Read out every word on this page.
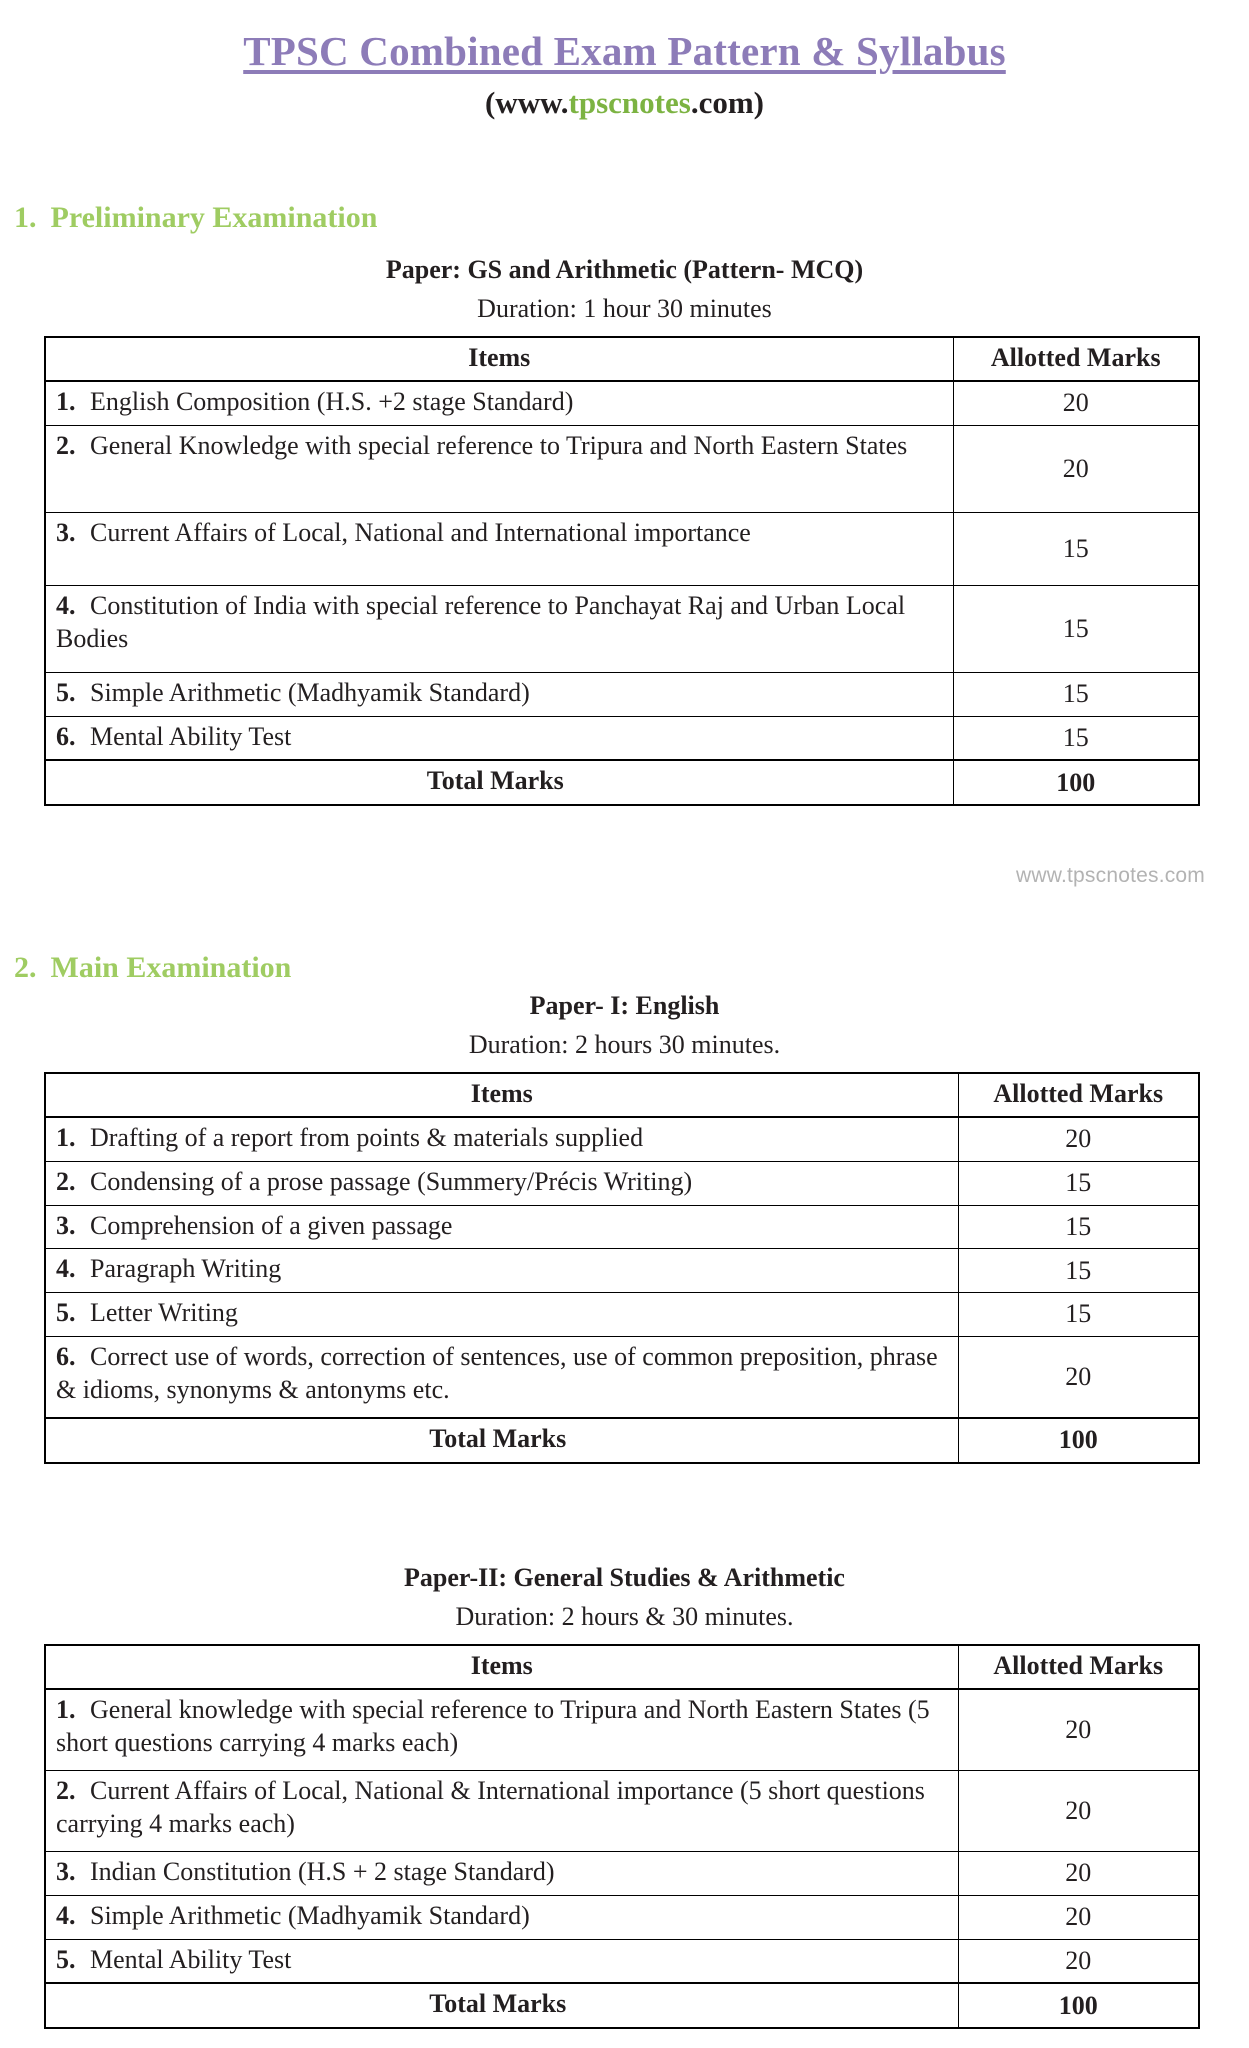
TPSC Combined Exam Pattern & Syllabus
(www.tpscnotes.com)
1. Preliminary Examination
Paper: GS and Arithmetic (Pattern- MCQ)
Duration: 1 hour 30 minutes
Items	Allotted Marks
1. English Composition (H.S. +2 stage Standard)	20
2. General Knowledge with special reference to Tripura and North Eastern States	20
3. Current Affairs of Local, National and International importance	15
4. Constitution of India with special reference to Panchayat Raj and Urban Local Bodies	15
5. Simple Arithmetic (Madhyamik Standard)	15
6. Mental Ability Test	15
Total Marks	100
www.tpscnotes.com
2. Main Examination
Paper- I: English
Duration: 2 hours 30 minutes.
Items	Allotted Marks
1. Drafting of a report from points & materials supplied	20
2. Condensing of a prose passage (Summery/Précis Writing)	15
3. Comprehension of a given passage	15
4. Paragraph Writing	15
5. Letter Writing	15
6. Correct use of words, correction of sentences, use of common preposition, phrase & idioms, synonyms & antonyms etc.	20
Total Marks	100
Paper-II: General Studies & Arithmetic
Duration: 2 hours & 30 minutes.
Items	Allotted Marks
1. General knowledge with special reference to Tripura and North Eastern States (5 short questions carrying 4 marks each)	20
2. Current Affairs of Local, National & International importance (5 short questions carrying 4 marks each)	20
3. Indian Constitution (H.S + 2 stage Standard)	20
4. Simple Arithmetic (Madhyamik Standard)	20
5. Mental Ability Test	20
Total Marks	100
